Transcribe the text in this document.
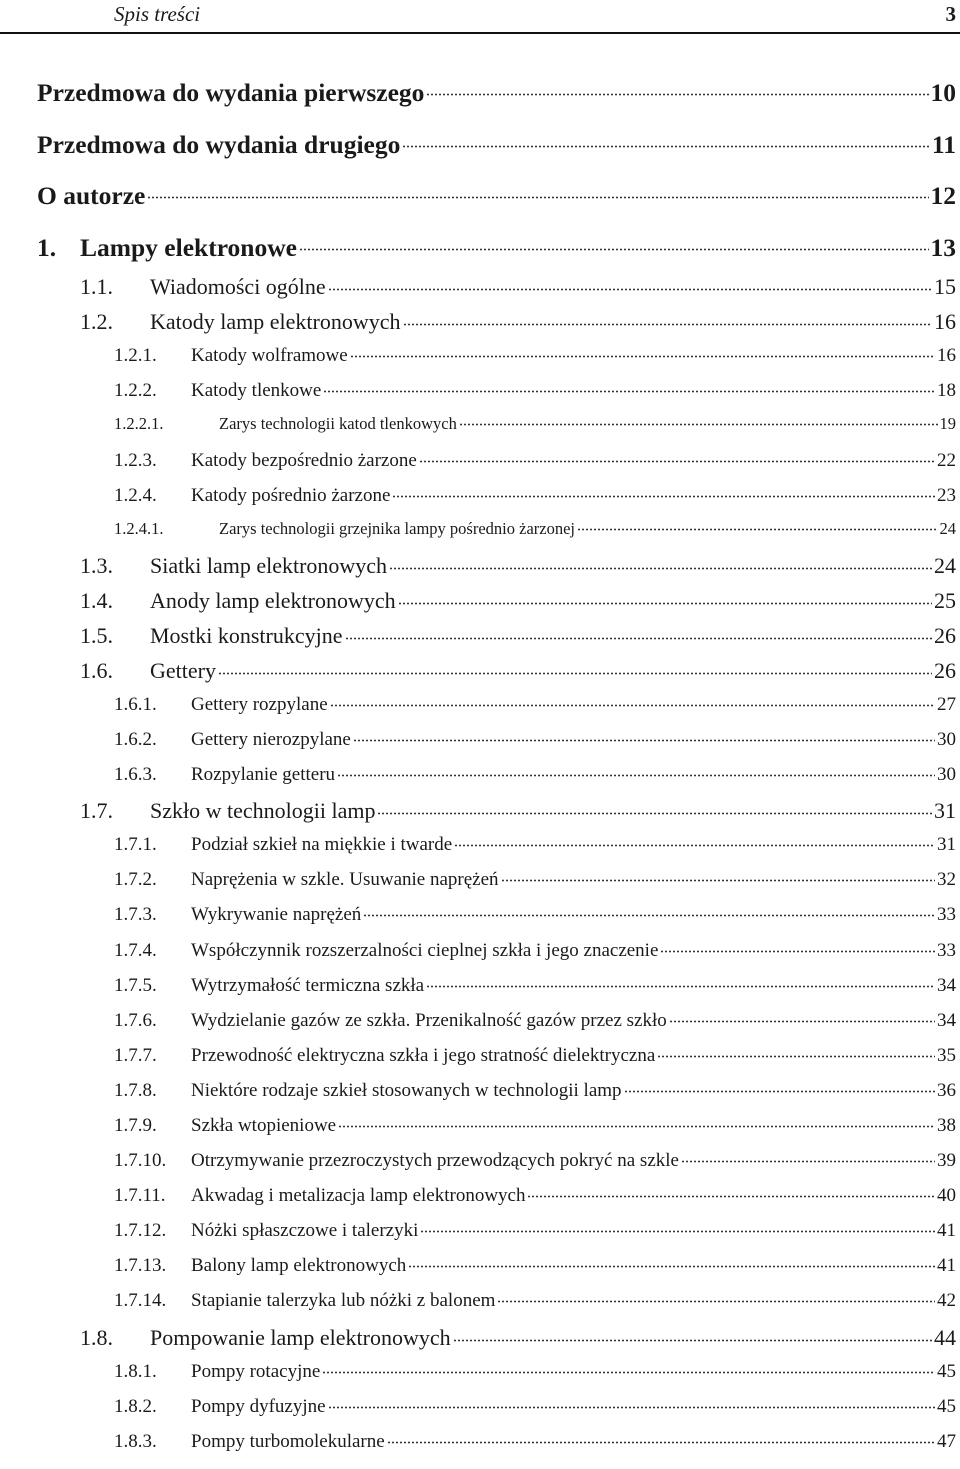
Spis treści	3
Przedmowa do wydania pierwszego	10
Przedmowa do wydania drugiego	11
O autorze	12
1. Lampy elektronowe	13
1.1.	Wiadomości ogólne	15
1.2.	Katody lamp elektronowych	16
1.2.1.	Katody wolframowe	16
1.2.2.	Katody tlenkowe	18
1.2.2.1.	Zarys technologii katod tlenkowych	19
1.2.3.	Katody bezpośrednio żarzone	22
1.2.4.	Katody pośrednio żarzone	23
1.2.4.1.	Zarys technologii grzejnika lampy pośrednio żarzonej	24
1.3.	Siatki lamp elektronowych	24
1.4.	Anody lamp elektronowych	25
1.5.	Mostki konstrukcyjne	26
1.6.	Gettery	26
1.6.1.	Gettery rozpylane	27
1.6.2.	Gettery nierozpylane	30
1.6.3.	Rozpylanie getteru	30
1.7.	Szkło w technologii lamp	31
1.7.1.	Podział szkieł na miękkie i twarde	31
1.7.2.	Naprężenia w szkle. Usuwanie naprężeń	32
1.7.3.	Wykrywanie naprężeń	33
1.7.4.	Współczynnik rozszerzalności cieplnej szkła i jego znaczenie	33
1.7.5.	Wytrzymałość termiczna szkła	34
1.7.6.	Wydzielanie gazów ze szkła. Przenikalność gazów przez szkło	34
1.7.7.	Przewodność elektryczna szkła i jego stratność dielektryczna	35
1.7.8.	Niektóre rodzaje szkieł stosowanych w technologii lamp	36
1.7.9.	Szkła wtopieniowe	38
1.7.10.	Otrzymywanie przezroczystych przewodzących pokryć na szkle	39
1.7.11.	Akwadag i metalizacja lamp elektronowych	40
1.7.12.	Nóżki spłaszczowe i talerzyki	41
1.7.13.	Balony lamp elektronowych	41
1.7.14.	Stapianie talerzyka lub nóżki z balonem	42
1.8.	Pompowanie lamp elektronowych	44
1.8.1.	Pompy rotacyjne	45
1.8.2.	Pompy dyfuzyjne	45
1.8.3.	Pompy turbomolekularne	47
